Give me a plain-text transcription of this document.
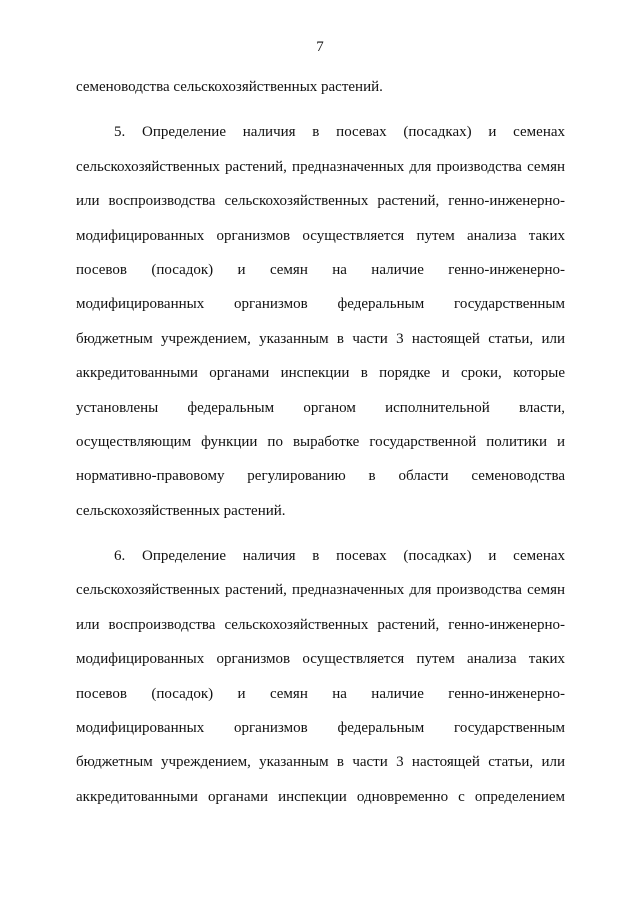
7
семеноводства сельскохозяйственных растений.
5. Определение наличия в посевах (посадках) и семенах
сельскохозяйственных растений, предназначенных для производства семян
или воспроизводства сельскохозяйственных растений, генно-инженерно-
модифицированных организмов осуществляется путем анализа таких
посевов (посадок) и семян на наличие генно-инженерно-
модифицированных организмов федеральным государственным
бюджетным учреждением, указанным в части 3 настоящей статьи, или
аккредитованными органами инспекции в порядке и сроки, которые
установлены федеральным органом исполнительной власти,
осуществляющим функции по выработке государственной политики и
нормативно-правовому регулированию в области семеноводства
сельскохозяйственных растений.
6. Определение наличия в посевах (посадках) и семенах
сельскохозяйственных растений, предназначенных для производства семян
или воспроизводства сельскохозяйственных растений, генно-инженерно-
модифицированных организмов осуществляется путем анализа таких
посевов (посадок) и семян на наличие генно-инженерно-
модифицированных организмов федеральным государственным
бюджетным учреждением, указанным в части 3 настоящей статьи, или
аккредитованными органами инспекции одновременно с определением
